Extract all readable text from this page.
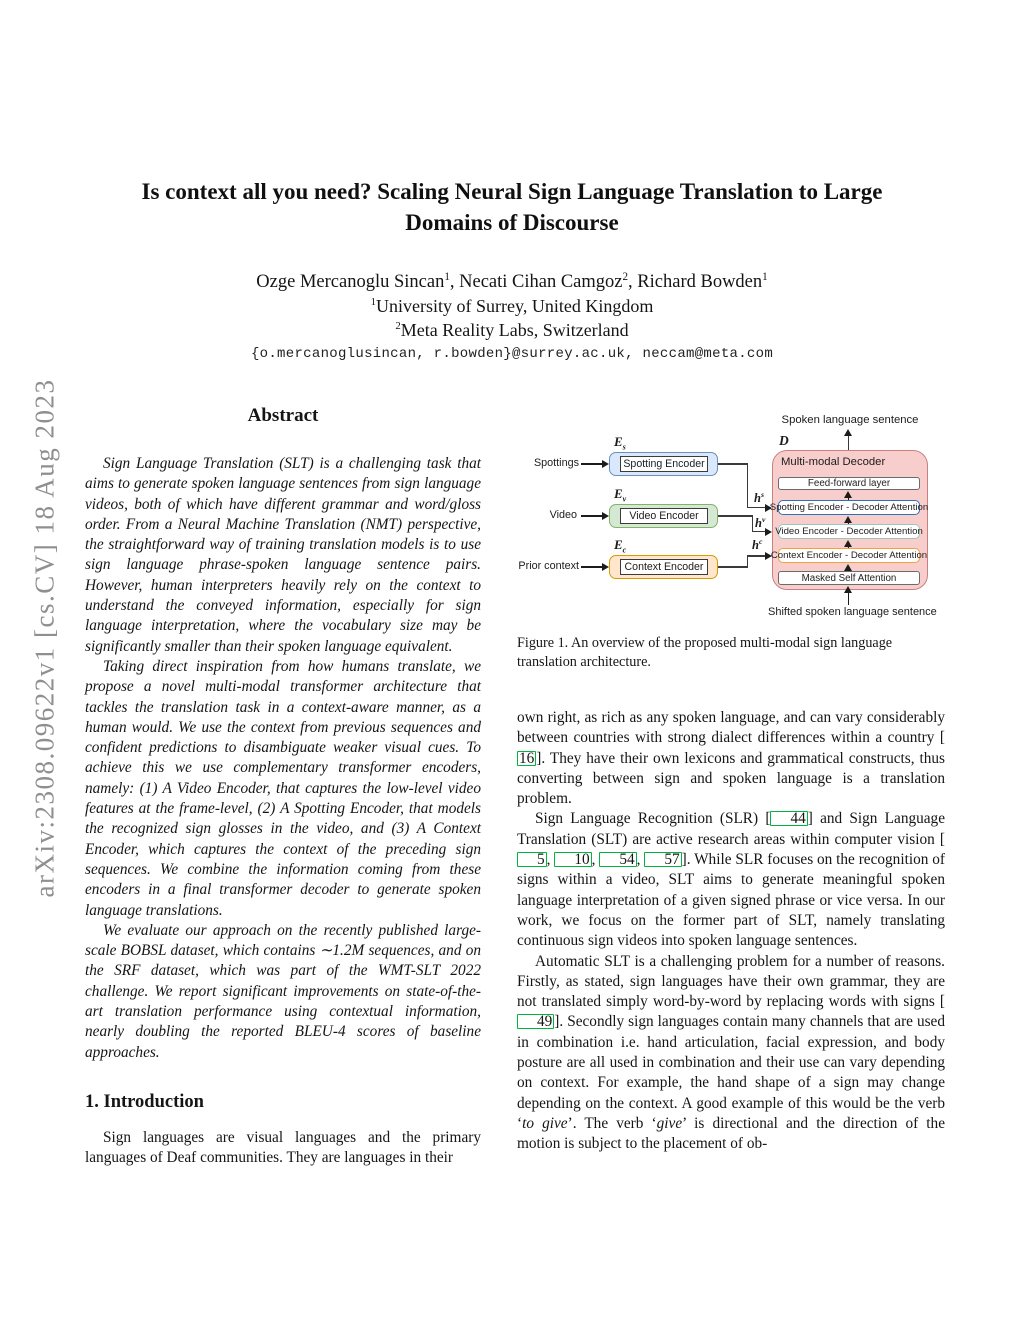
arXiv:2308.09622v1 [cs.CV] 18 Aug 2023
Is context all you need? Scaling Neural Sign Language Translation to Large
Domains of Discourse
Ozge Mercanoglu Sincan$^1$, Necati Cihan Camgoz$^2$, Richard Bowden$^1$
$^1$University of Surrey, United Kingdom
$^2$Meta Reality Labs, Switzerland
{o.mercanoglusincan, r.bowden}@surrey.ac.uk, neccam@meta.com
Abstract

Sign Language Translation (SLT) is a challenging task that aims to generate spoken language sentences from sign language videos, both of which have different grammar and word/gloss order. From a Neural Machine Translation (NMT) perspective, the straightforward way of training translation models is to use sign language phrase-spoken language sentence pairs. However, human interpreters heavily rely on the context to understand the conveyed information, especially for sign language interpretation, where the vocabulary size may be significantly smaller than their spoken language equivalent.

Taking direct inspiration from how humans translate, we propose a novel multi-modal transformer architecture that tackles the translation task in a context-aware manner, as a human would. We use the context from previous sequences and confident predictions to disambiguate weaker visual cues. To achieve this we use complementary transformer encoders, namely: (1) A Video Encoder, that captures the low-level video features at the frame-level, (2) A Spotting Encoder, that models the recognized sign glosses in the video, and (3) A Context Encoder, which captures the context of the preceding sign sequences. We combine the information coming from these encoders in a final transformer decoder to generate spoken language translations.

We evaluate our approach on the recently published large-scale BOBSL dataset, which contains ∼1.2M sequences, and on the SRF dataset, which was part of the WMT-SLT 2022 challenge. We report significant improvements on state-of-the-art translation performance using contextual information, nearly doubling the reported BLEU-4 scores of baseline approaches.

1. Introduction

Sign languages are visual languages and the primary languages of Deaf communities. They are languages in their

Spoken language sentence
D
Multi-modal Decoder
Feed-forward layer
Spotting Encoder - Decoder Attention
Video Encoder - Decoder Attention
Context Encoder - Decoder Attention
Masked Self Attention
Shifted spoken language sentence
$E_s$
Spotting Encoder
Spottings
$E_v$
Video Encoder
Video
$E_c$
Context Encoder
Prior context
$h^s$
$h^v$
$h^c$
Figure 1. An overview of the proposed multi-modal sign language translation architecture.

own right, as rich as any spoken language, and can vary considerably between countries with strong dialect differences within a country [16 ]. They have their own lexicons and grammatical constructs, thus converting between sign and spoken language is a translation problem.

Sign Language Recognition (SLR) [ 44 ] and Sign Language Translation (SLT) are active research areas within computer vision [5 , 10 , 54 , 57 ]. While SLR focuses on the recognition of signs within a video, SLT aims to generate meaningful spoken language interpretation of a given signed phrase or vice versa. In our work, we focus on the former part of SLT, namely translating continuous sign videos into spoken language sentences.

Automatic SLT is a challenging problem for a number of reasons. Firstly, as stated, sign languages have their own grammar, they are not translated simply word-by-word by replacing words with signs [49 ]. Secondly sign languages contain many channels that are used in combination i.e. hand articulation, facial expression, and body posture are all used in combination and their use can vary depending on context. For example, the hand shape of a sign may change depending on the context. A good example of this would be the verb ‘to give’. The verb ‘give’ is directional and the direction of the motion is subject to the placement of ob-
